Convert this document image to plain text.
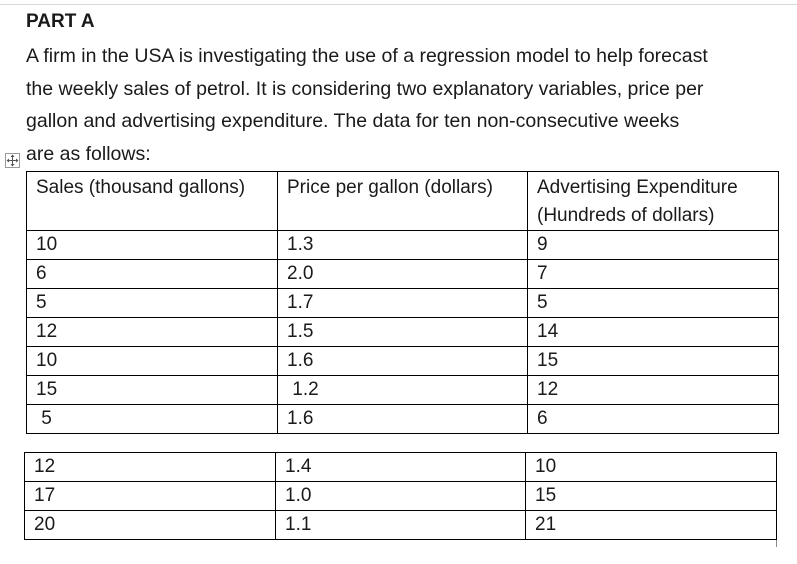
PART A
A firm in the USA is investigating the use of a regression model to help forecast
the weekly sales of petrol. It is considering two explanatory variables, price per
gallon and advertising expenditure. The data for ten non-consecutive weeks
are as follows:
Sales (thousand gallons)	Price per gallon (dollars)	Advertising Expenditure
(Hundreds of dollars)

10	1.3	9
6	2.0	7
5	1.7	5
12	1.5	14
10	1.6	15
15	1.2	12
5	1.6	6
12	1.4	10
17	1.0	15
20	1.1	21
